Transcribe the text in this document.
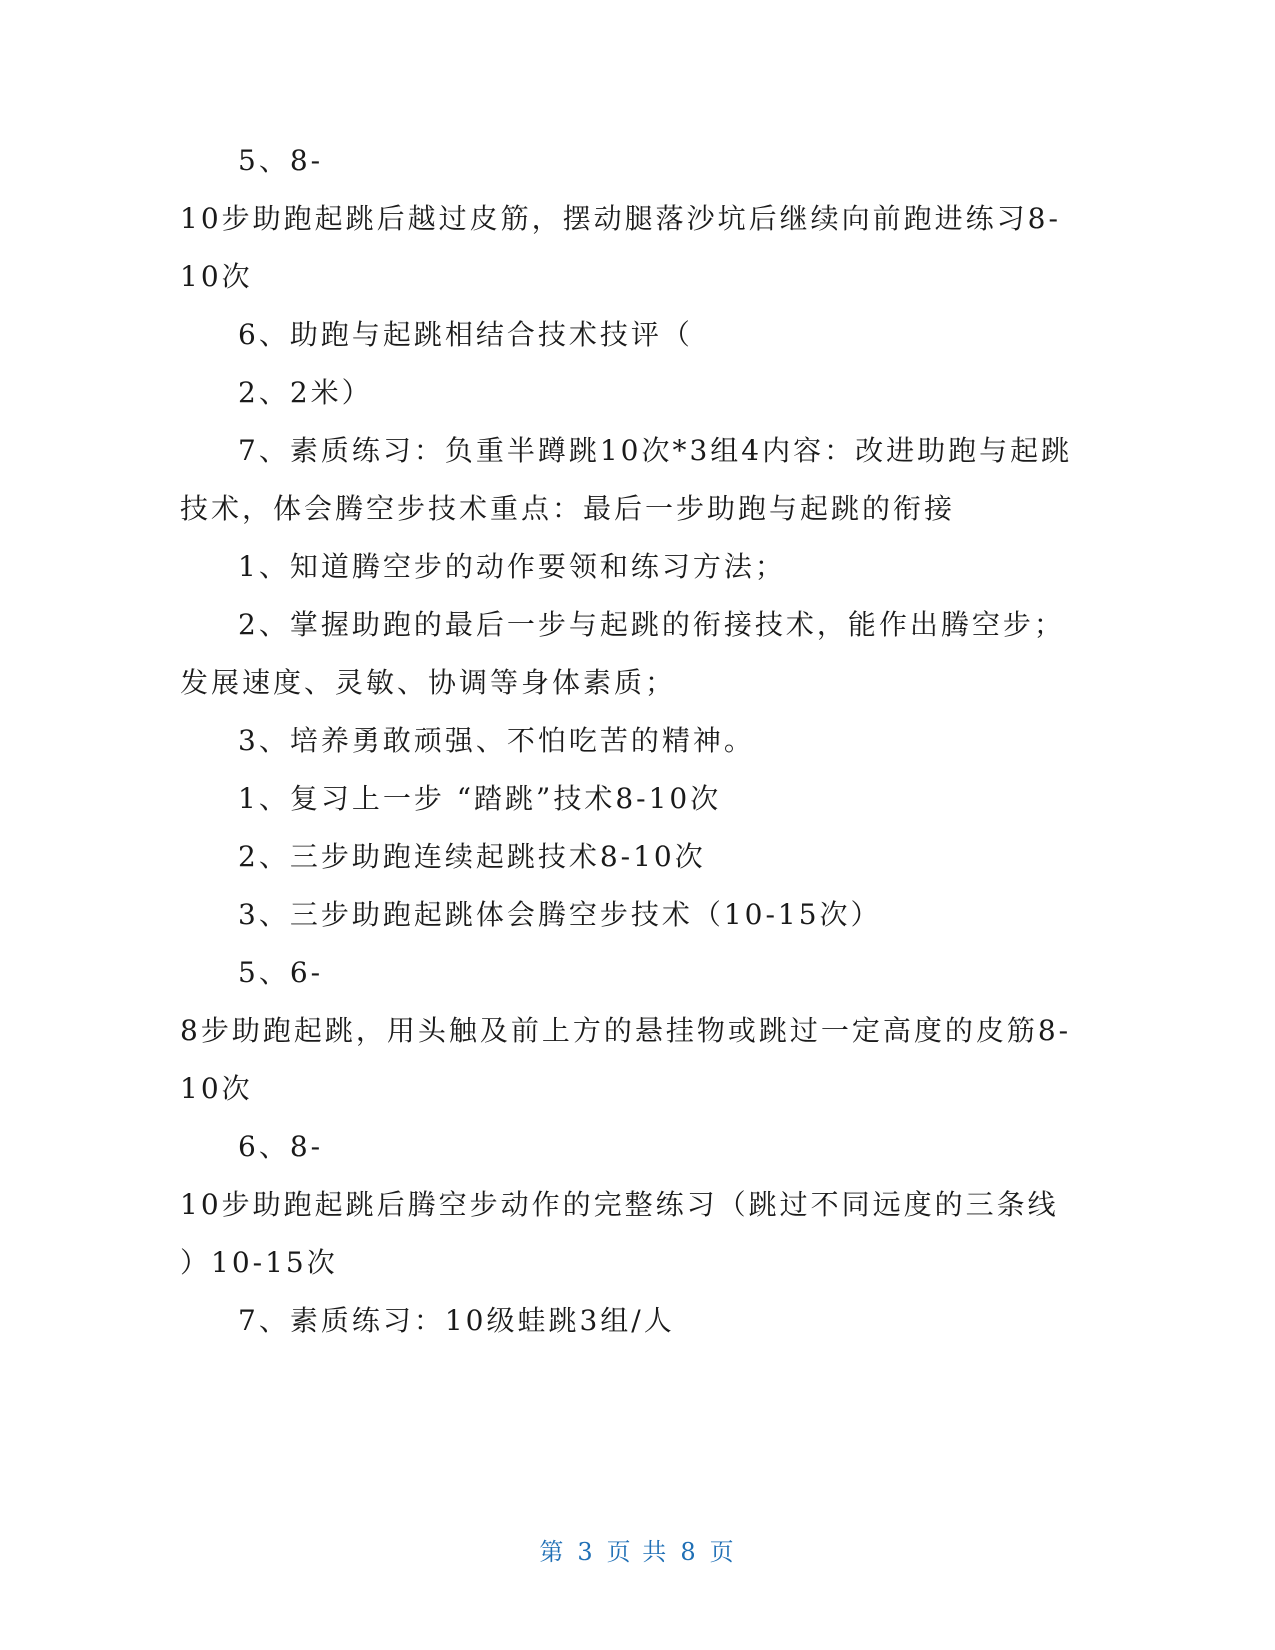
5、8-
10步助跑起跳后越过皮筋，摆动腿落沙坑后继续向前跑进练习8-
10次
6、助跑与起跳相结合技术技评（
2、2米）
7、素质练习：负重半蹲跳10次*3组4内容：改进助跑与起跳
技术，体会腾空步技术重点：最后一步助跑与起跳的衔接
1、知道腾空步的动作要领和练习方法；
2、掌握助跑的最后一步与起跳的衔接技术，能作出腾空步；
发展速度、灵敏、协调等身体素质；
3、培养勇敢顽强、不怕吃苦的精神。
1、复习上一步 “踏跳”技术8-10次
2、三步助跑连续起跳技术8-10次
3、三步助跑起跳体会腾空步技术（10-15次）
5、6-
8步助跑起跳，用头触及前上方的悬挂物或跳过一定高度的皮筋8-
10次
6、8-
10步助跑起跳后腾空步动作的完整练习（跳过不同远度的三条线
）10-15次
7、素质练习：10级蛙跳3组/人
第 3 页 共 8 页
